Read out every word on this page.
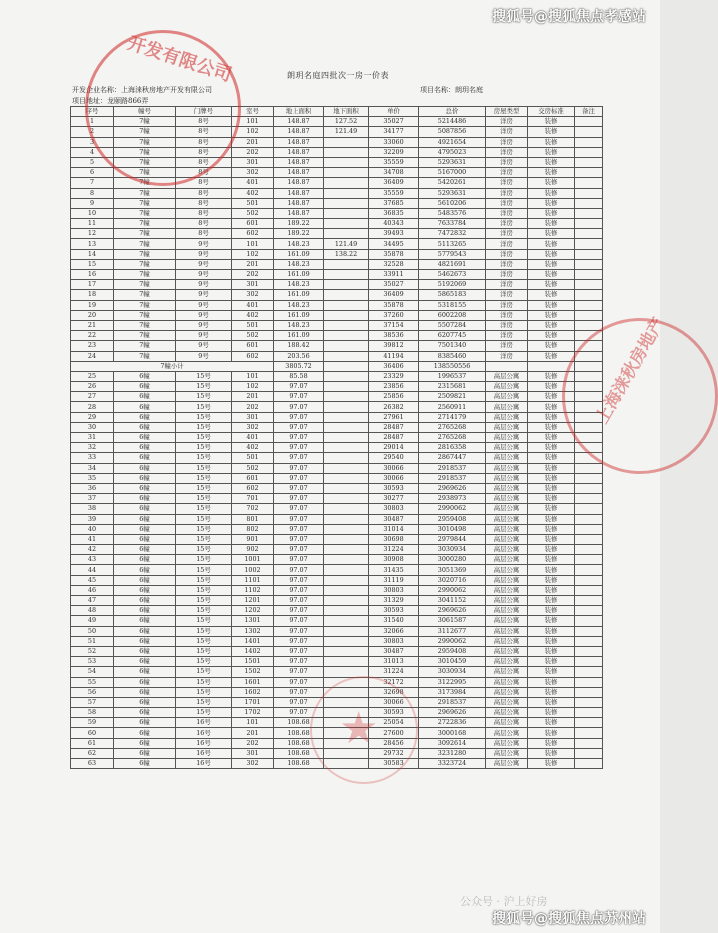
搜狐号@搜狐焦点孝感站
朗玥名庭四批次一房一价表
开发企业名称：上海涞秋房地产开发有限公司	项目名称：朗玥名庭
项目地址：龙颐路866弄
序号	幢号	门牌号	室号	地上面积	地下面积	单价	总价	房屋类型	交房标准	备注
1	7幢	8号	101	148.87	127.52	35027	5214486	洋房	装修	
2	7幢	8号	102	148.87	121.49	34177	5087856	洋房	装修	
3	7幢	8号	201	148.87		33060	4921654	洋房	装修	
4	7幢	8号	202	148.87		32209	4795023	洋房	装修	
5	7幢	8号	301	148.87		35559	5293631	洋房	装修	
6	7幢	8号	302	148.87		34708	5167000	洋房	装修	
7	7幢	8号	401	148.87		36409	5420261	洋房	装修	
8	7幢	8号	402	148.87		35559	5293631	洋房	装修	
9	7幢	8号	501	148.87		37685	5610206	洋房	装修	
10	7幢	8号	502	148.87		36835	5483576	洋房	装修	
11	7幢	8号	601	189.22		40343	7633784	洋房	装修	
12	7幢	8号	602	189.22		39493	7472832	洋房	装修	
13	7幢	9号	101	148.23	121.49	34495	5113265	洋房	装修	
14	7幢	9号	102	161.09	138.22	35878	5779543	洋房	装修	
15	7幢	9号	201	148.23		32528	4821691	洋房	装修	
16	7幢	9号	202	161.09		33911	5462673	洋房	装修	
17	7幢	9号	301	148.23		35027	5192069	洋房	装修	
18	7幢	9号	302	161.09		36409	5865183	洋房	装修	
19	7幢	9号	401	148.23		35878	5318155	洋房	装修	
20	7幢	9号	402	161.09		37260	6002208	洋房	装修	
21	7幢	9号	501	148.23		37154	5507284	洋房	装修	
22	7幢	9号	502	161.09		38536	6207745	洋房	装修	
23	7幢	9号	601	188.42		39812	7501340	洋房	装修	
24	7幢	9号	602	203.56		41194	8385460	洋房	装修	
7幢小计				3805.72		36406	138550556			
25	6幢	15号	101	85.58		23329	1996537	高层公寓	装修	
26	6幢	15号	102	97.07		23856	2315681	高层公寓	装修	
27	6幢	15号	201	97.07		25856	2509821	高层公寓	装修	
28	6幢	15号	202	97.07		26382	2560911	高层公寓	装修	
29	6幢	15号	301	97.07		27961	2714179	高层公寓	装修	
30	6幢	15号	302	97.07		28487	2765268	高层公寓	装修	
31	6幢	15号	401	97.07		28487	2765268	高层公寓	装修	
32	6幢	15号	402	97.07		29014	2816358	高层公寓	装修	
33	6幢	15号	501	97.07		29540	2867447	高层公寓	装修	
34	6幢	15号	502	97.07		30066	2918537	高层公寓	装修	
35	6幢	15号	601	97.07		30066	2918537	高层公寓	装修	
36	6幢	15号	602	97.07		30593	2969626	高层公寓	装修	
37	6幢	15号	701	97.07		30277	2938973	高层公寓	装修	
38	6幢	15号	702	97.07		30803	2990062	高层公寓	装修	
39	6幢	15号	801	97.07		30487	2959408	高层公寓	装修	
40	6幢	15号	802	97.07		31014	3010498	高层公寓	装修	
41	6幢	15号	901	97.07		30698	2979844	高层公寓	装修	
42	6幢	15号	902	97.07		31224	3030934	高层公寓	装修	
43	6幢	15号	1001	97.07		30908	3000280	高层公寓	装修	
44	6幢	15号	1002	97.07		31435	3051369	高层公寓	装修	
45	6幢	15号	1101	97.07		31119	3020716	高层公寓	装修	
46	6幢	15号	1102	97.07		30803	2990062	高层公寓	装修	
47	6幢	15号	1201	97.07		31329	3041152	高层公寓	装修	
48	6幢	15号	1202	97.07		30593	2969626	高层公寓	装修	
49	6幢	15号	1301	97.07		31540	3061587	高层公寓	装修	
50	6幢	15号	1302	97.07		32066	3112677	高层公寓	装修	
51	6幢	15号	1401	97.07		30803	2990062	高层公寓	装修	
52	6幢	15号	1402	97.07		30487	2959408	高层公寓	装修	
53	6幢	15号	1501	97.07		31013	3010459	高层公寓	装修	
54	6幢	15号	1502	97.07		31224	3030934	高层公寓	装修	
55	6幢	15号	1601	97.07		32172	3122995	高层公寓	装修	
56	6幢	15号	1602	97.07		32698	3173984	高层公寓	装修	
57	6幢	15号	1701	97.07		30066	2918537	高层公寓	装修	
58	6幢	15号	1702	97.07		30593	2969626	高层公寓	装修	
59	6幢	16号	101	108.68		25054	2722836	高层公寓	装修	
60	6幢	16号	201	108.68		27600	3000168	高层公寓	装修	
61	6幢	16号	202	108.68		28456	3092614	高层公寓	装修	
62	6幢	16号	301	108.68		29732	3231280	高层公寓	装修	
63	6幢	16号	302	108.68		30583	3323724	高层公寓	装修	
开发有限公司
上海涞秋房地产
★
公众号 · 沪上好房
搜狐号@搜狐焦点苏州站
